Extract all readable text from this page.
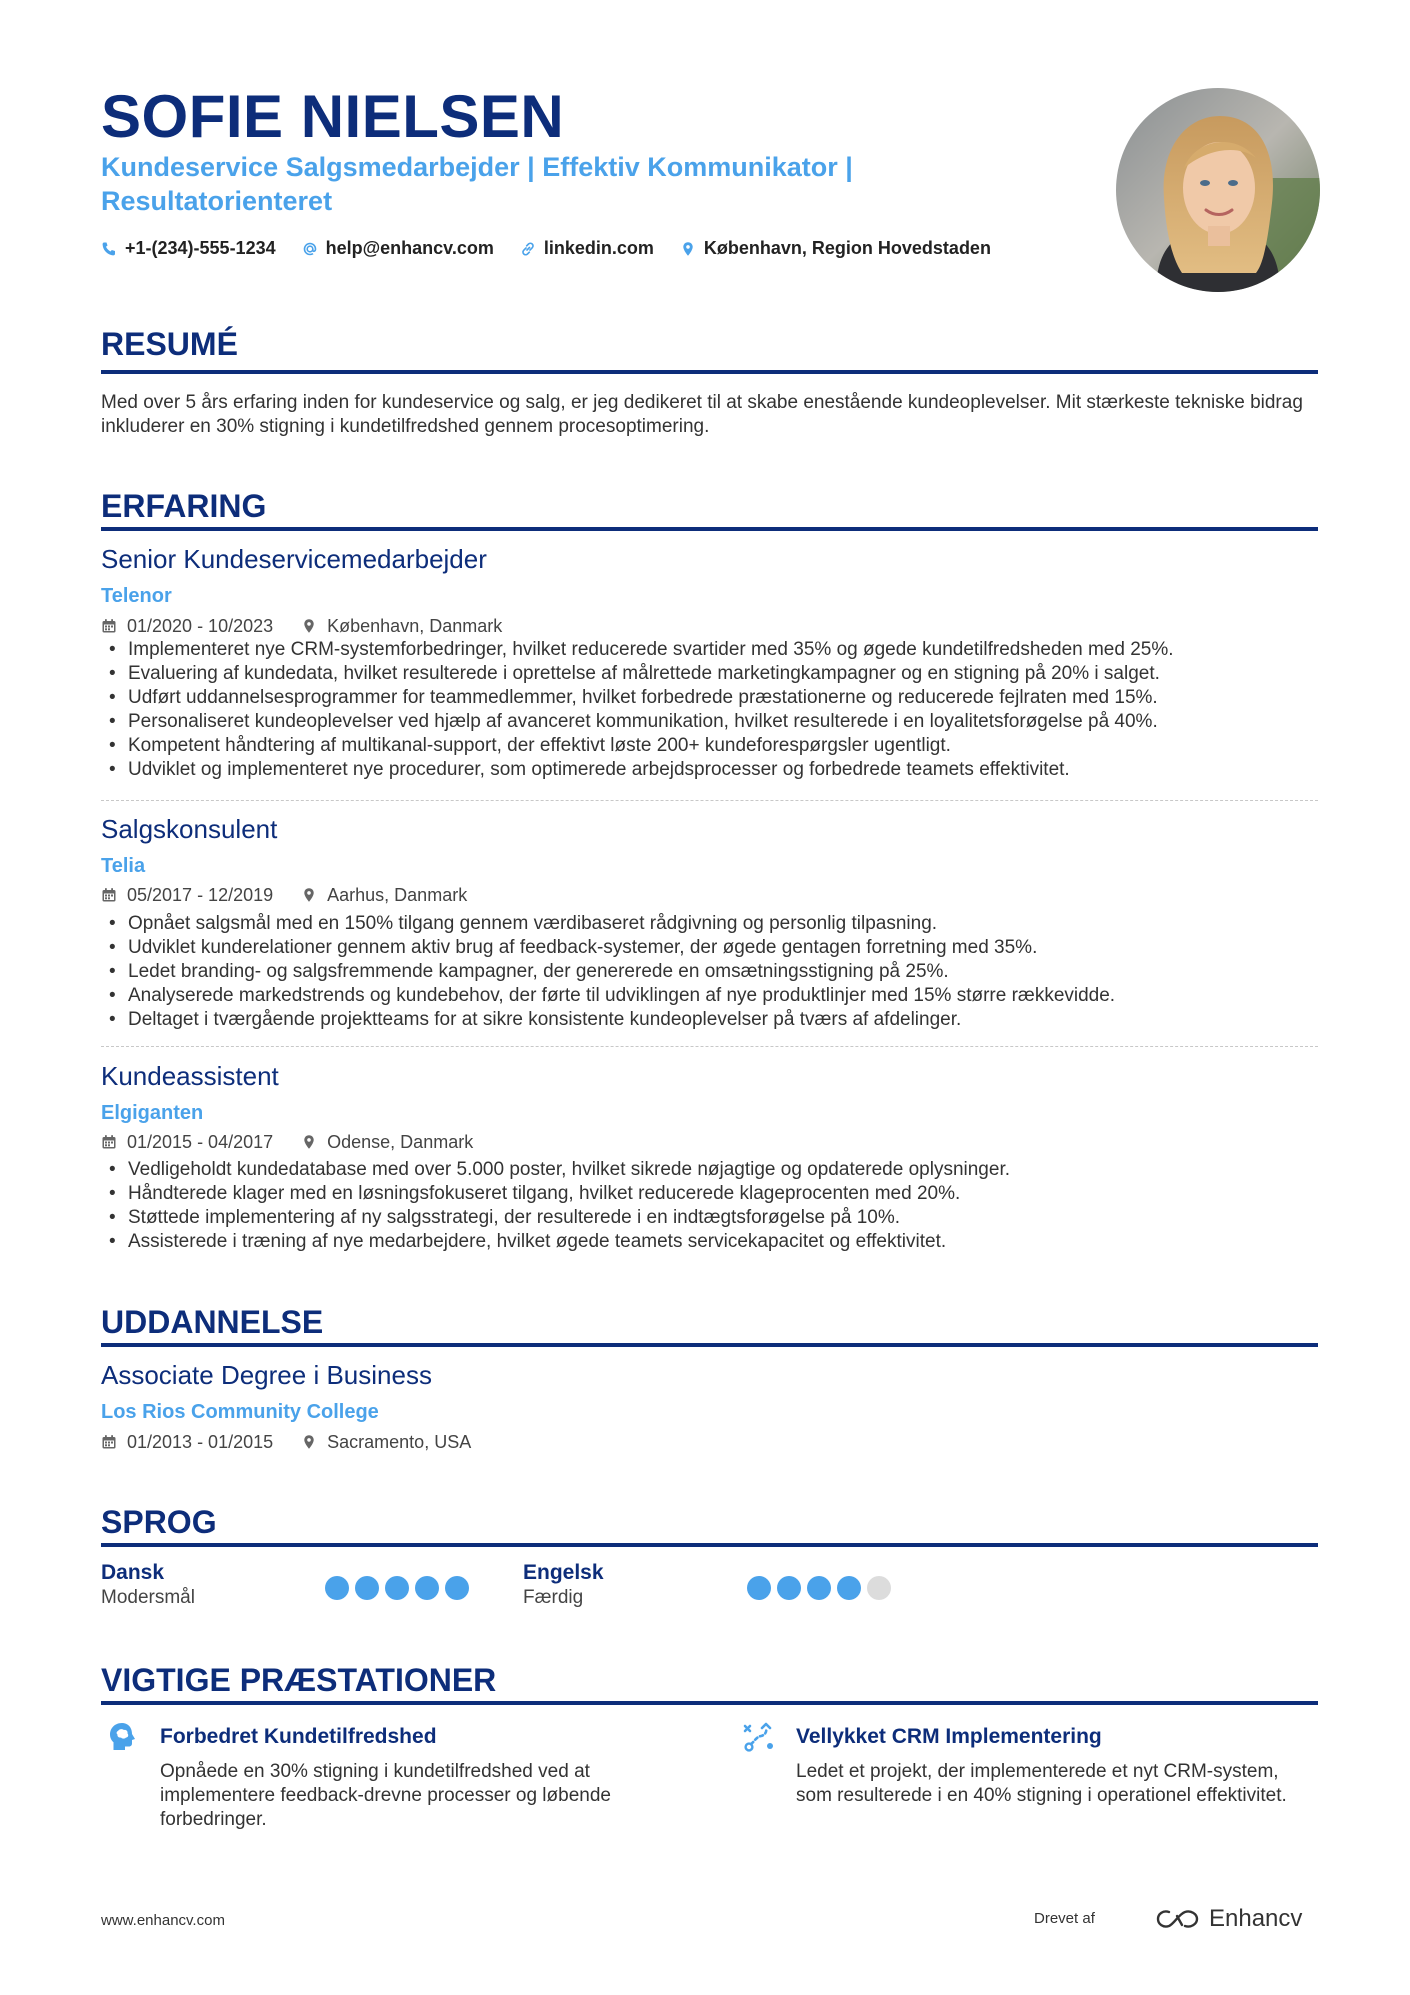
SOFIE NIELSEN
Kundeservice Salgsmedarbejder | Effektiv Kommunikator | Resultatorienteret
+1-(234)-555-1234	help@enhancv.com	linkedin.com	København, Region Hovedstaden
RESUMÉ
Med over 5 års erfaring inden for kundeservice og salg, er jeg dedikeret til at skabe enestående kundeoplevelser. Mit stærkeste tekniske bidrag inkluderer en 30% stigning i kundetilfredshed gennem procesoptimering.
ERFARING
Senior Kundeservicemedarbejder
Telenor
01/2020 - 10/2023	København, Danmark
• Implementeret nye CRM-systemforbedringer, hvilket reducerede svartider med 35% og øgede kundetilfredsheden med 25%.
• Evaluering af kundedata, hvilket resulterede i oprettelse af målrettede marketingkampagner og en stigning på 20% i salget.
• Udført uddannelsesprogrammer for teammedlemmer, hvilket forbedrede præstationerne og reducerede fejlraten med 15%.
• Personaliseret kundeoplevelser ved hjælp af avanceret kommunikation, hvilket resulterede i en loyalitetsforøgelse på 40%.
• Kompetent håndtering af multikanal-support, der effektivt løste 200+ kundeforespørgsler ugentligt.
• Udviklet og implementeret nye procedurer, som optimerede arbejdsprocesser og forbedrede teamets effektivitet.
Salgskonsulent
Telia
05/2017 - 12/2019	Aarhus, Danmark
• Opnået salgsmål med en 150% tilgang gennem værdibaseret rådgivning og personlig tilpasning.
• Udviklet kunderelationer gennem aktiv brug af feedback-systemer, der øgede gentagen forretning med 35%.
• Ledet branding- og salgsfremmende kampagner, der genererede en omsætningsstigning på 25%.
• Analyserede markedstrends og kundebehov, der førte til udviklingen af nye produktlinjer med 15% større rækkevidde.
• Deltaget i tværgående projektteams for at sikre konsistente kundeoplevelser på tværs af afdelinger.
Kundeassistent
Elgiganten
01/2015 - 04/2017	Odense, Danmark
• Vedligeholdt kundedatabase med over 5.000 poster, hvilket sikrede nøjagtige og opdaterede oplysninger.
• Håndterede klager med en løsningsfokuseret tilgang, hvilket reducerede klageprocenten med 20%.
• Støttede implementering af ny salgsstrategi, der resulterede i en indtægtsforøgelse på 10%.
• Assisterede i træning af nye medarbejdere, hvilket øgede teamets servicekapacitet og effektivitet.
UDDANNELSE
Associate Degree i Business
Los Rios Community College
01/2013 - 01/2015	Sacramento, USA
SPROG
Dansk
Modersmål
Engelsk
Færdig
VIGTIGE PRÆSTATIONER
Forbedret Kundetilfredshed
Opnåede en 30% stigning i kundetilfredshed ved at implementere feedback-drevne processer og løbende forbedringer.
Vellykket CRM Implementering
Ledet et projekt, der implementerede et nyt CRM-system, som resulterede i en 40% stigning i operationel effektivitet.
www.enhancv.com	Drevet af	Enhancv
